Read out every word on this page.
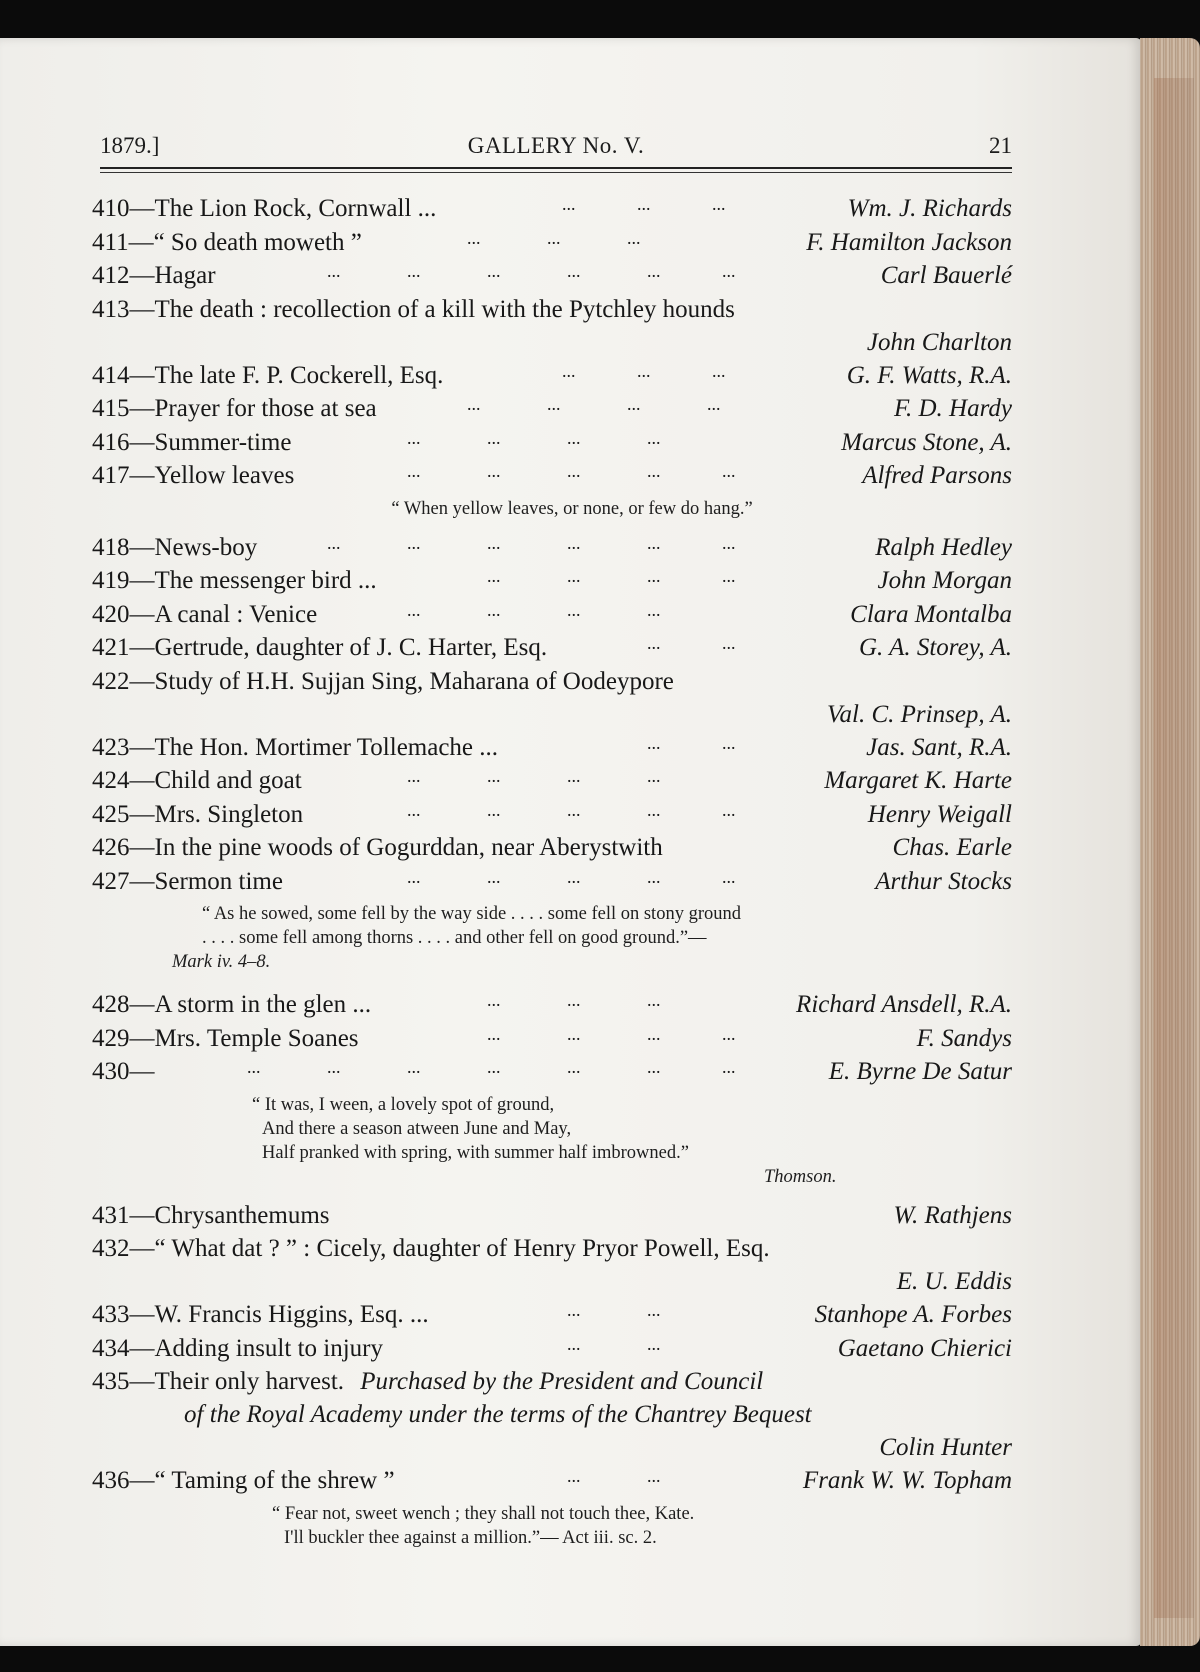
1879.]	GALLERY No. V.	21
410—The Lion Rock, Cornwall ...	...	...	...	Wm. J. Richards
411—“ So death moweth ”	...	...	...	F. Hamilton Jackson
412—Hagar	...	...	...	...	...	...	Carl Bauerlé
413—The death : recollection of a kill with the Pytchley hounds
John Charlton
414—The late F. P. Cockerell, Esq.	...	...	...	G. F. Watts, R.A.
415—Prayer for those at sea	...	...	...	...	F. D. Hardy
416—Summer-time	...	...	...	...	Marcus Stone, A.
417—Yellow leaves	...	...	...	...	...	Alfred Parsons
“ When yellow leaves, or none, or few do hang.”
418—News-boy	...	...	...	...	...	...	Ralph Hedley
419—The messenger bird ...	...	...	...	...	John Morgan
420—A canal : Venice	...	...	...	...	Clara Montalba
421—Gertrude, daughter of J. C. Harter, Esq.	...	...	G. A. Storey, A.
422—Study of H.H. Sujjan Sing, Maharana of Oodeypore
Val. C. Prinsep, A.
423—The Hon. Mortimer Tollemache ...	...	...	Jas. Sant, R.A.
424—Child and goat	...	...	...	...	Margaret K. Harte
425—Mrs. Singleton	...	...	...	...	...	Henry Weigall
426—In the pine woods of Gogurddan, near Aberystwith	Chas. Earle
427—Sermon time	...	...	...	...	...	Arthur Stocks
“ As he sowed, some fell by the way side . . . . some fell on stony ground
. . . . some fell among thorns . . . . and other fell on good ground.”—
Mark iv. 4–8.
428—A storm in the glen ...	...	...	...	Richard Ansdell, R.A.
429—Mrs. Temple Soanes	...	...	...	...	F. Sandys
430—	...	...	...	...	...	...	...	E. Byrne De Satur
“ It was, I ween, a lovely spot of ground,
And there a season atween June and May,
Half pranked with spring, with summer half imbrowned.”
Thomson.
431—Chrysanthemums	W. Rathjens
432—“ What dat ? ” : Cicely, daughter of Henry Pryor Powell, Esq.
E. U. Eddis
433—W. Francis Higgins, Esq. ...	...	...	Stanhope A. Forbes
434—Adding insult to injury	...	...	Gaetano Chierici
435—Their only harvest. Purchased by the President and Council
of the Royal Academy under the terms of the Chantrey Bequest
Colin Hunter
436—“ Taming of the shrew ”	...	...	Frank W. W. Topham
“ Fear not, sweet wench ; they shall not touch thee, Kate.
I'll buckler thee against a million.”— Act iii. sc. 2.
